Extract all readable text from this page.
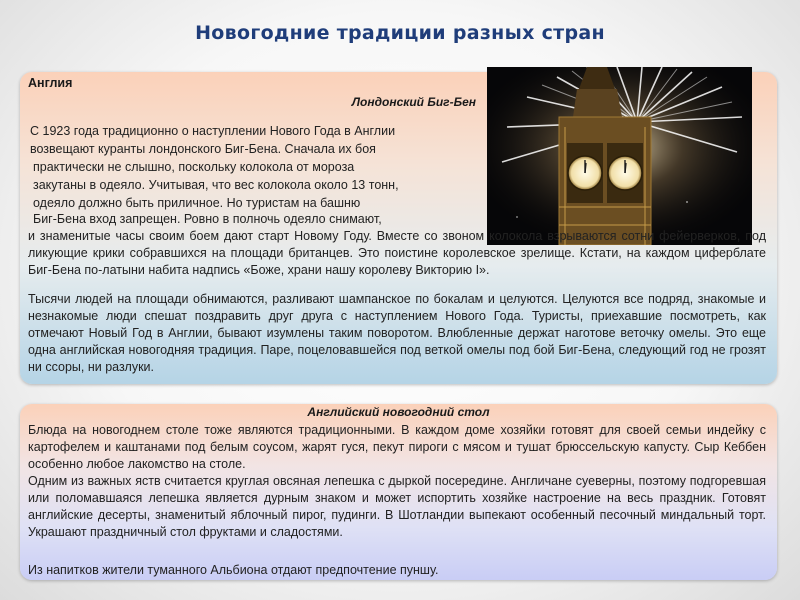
Новогодние традиции разных стран
Англия
Лондонский Биг-Бен
С 1923 года традиционно о наступлении Нового Года в Англии
возвещают куранты лондонского Биг-Бена. Сначала их боя
практически не слышно, поскольку колокола от мороза
закутаны в одеяло. Учитывая, что вес колокола около 13 тонн,
одеяло должно быть приличное. Но туристам на башню
Биг-Бена вход запрещен. Ровно в полночь одеяло снимают,

и знаменитые часы своим боем дают старт Новому Году. Вместе со звоном колокола взрываются сотни фейерверков, под ликующие крики собравшихся на площади британцев. Это поистине королевское зрелище. Кстати, на каждом циферблате Биг-Бена по-латыни набита надпись «Боже, храни нашу королеву Викторию I».

Тысячи людей на площади обнимаются, разливают шампанское по бокалам и целуются. Целуются все подряд, знакомые и незнакомые люди спешат поздравить друг друга с наступлением Нового Года. Туристы, приехавшие посмотреть, как отмечают Новый Год в Англии, бывают изумлены таким поворотом. Влюбленные держат наготове веточку омелы. Это еще одна английская новогодняя традиция. Паре, поцеловавшейся под веткой омелы под бой Биг-Бена, следующий год не грозят ни ссоры, ни разлуки.

Английский новогодний стол

Блюда на новогоднем столе тоже являются традиционными. В каждом доме хозяйки готовят для своей семьи индейку с картофелем и каштанами под белым соусом, жарят гуся, пекут пироги с мясом и тушат брюссельскую капусту. Сыр Кеббен особенно любое лакомство на столе.

Одним из важных яств считается круглая овсяная лепешка с дыркой посередине. Англичане суеверны, поэтому подгоревшая или поломавшаяся лепешка является дурным знаком и может испортить хозяйке настроение на весь праздник. Готовят английские десерты, знаменитый яблочный пирог, пудинги. В Шотландии выпекают особенный песочный миндальный торт. Украшают праздничный стол фруктами и сладостями.

Из напитков жители туманного Альбиона отдают предпочтение пуншу.
